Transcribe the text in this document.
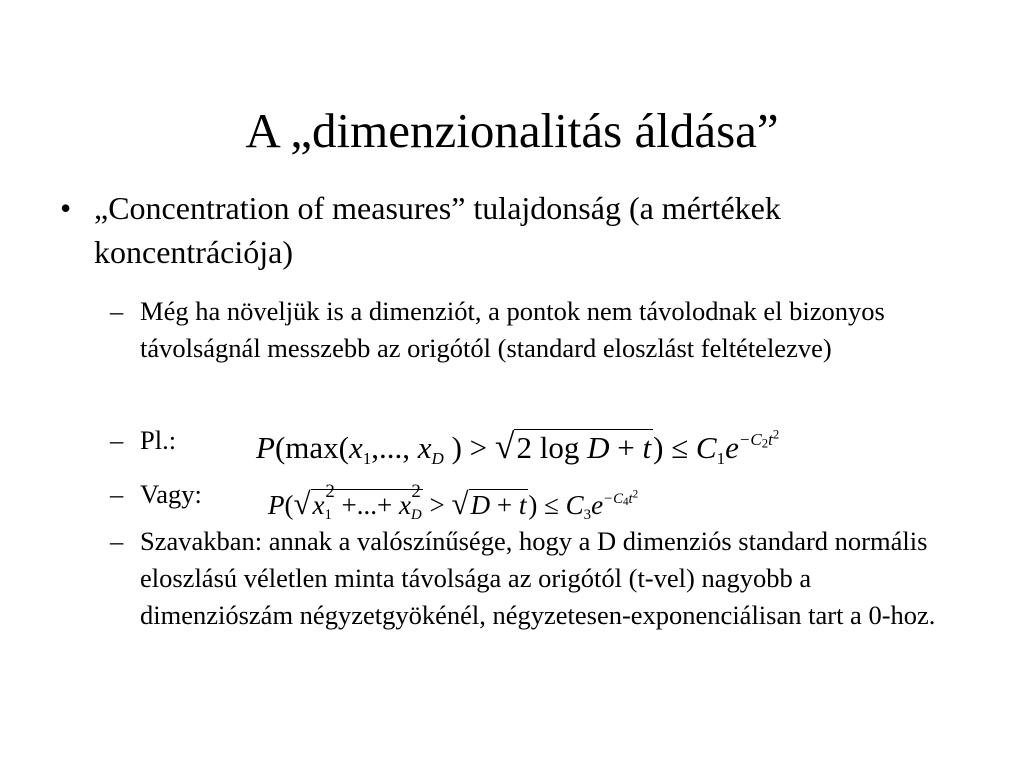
A „dimenzionalitás áldása”
• „Concentration of measures” tulajdonság (a mértékek koncentrációja)
– Még ha növeljük is a dimenziót, a pontok nem távolodnak el bizonyos távolságnál messzebb az origótól (standard eloszlást feltételezve)
– Pl.:	P(max(x1,..., xD ) > √2 $\log D + t) \le C1e^{-C2t^2}$
– Vagy:	$P(√x1^2$ +...+ $xD^2 > √D + t) \le C3e^{-C4t^2}$
– Szavakban: annak a valószínűsége, hogy a D dimenziós standard normális eloszlású véletlen minta távolsága az origótól (t-vel) nagyobb a dimenziószám négyzetgyökénél, négyzetesen-exponenciálisan tart a 0-hoz.
